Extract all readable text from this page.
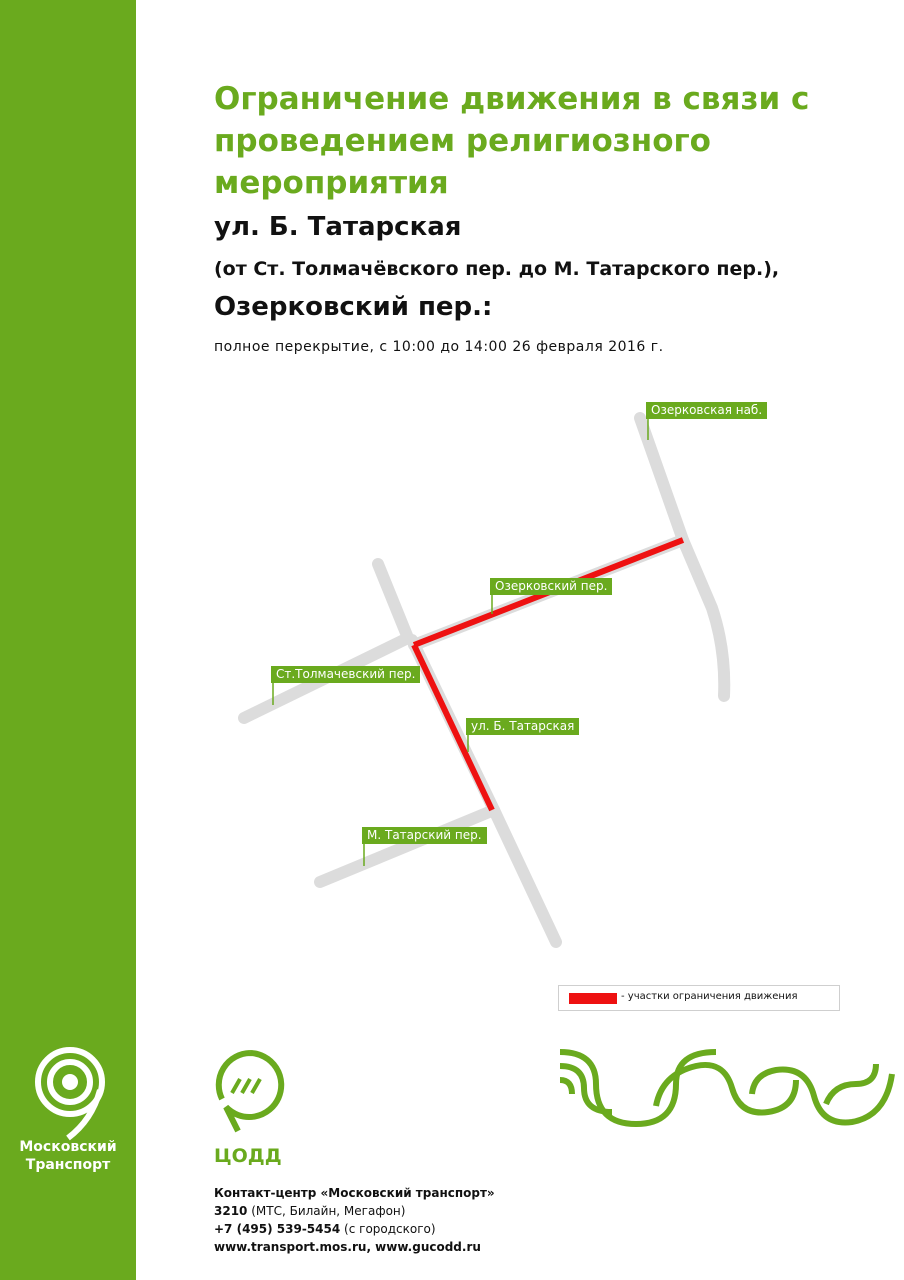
Московский
Транспорт
Ограничение движения в связи с проведением религиозного мероприятия
ул. Б. Татарская
(от Ст. Толмачёвского пер. до М. Татарского пер.),
Озерковский пер.:
полное перекрытие, с 10:00 до 14:00 26 февраля 2016 г.
Озерковская наб.
Озерковский пер.
Ст.Толмачевский пер.
ул. Б. Татарская
М. Татарский пер.
- участки ограничения движения
ЦОДД
Контакт-центр «Московский транспорт»
3210 (МТС, Билайн, Мегафон)
+7 (495) 539-5454 (с городского)
www.transport.mos.ru, www.gucodd.ru
